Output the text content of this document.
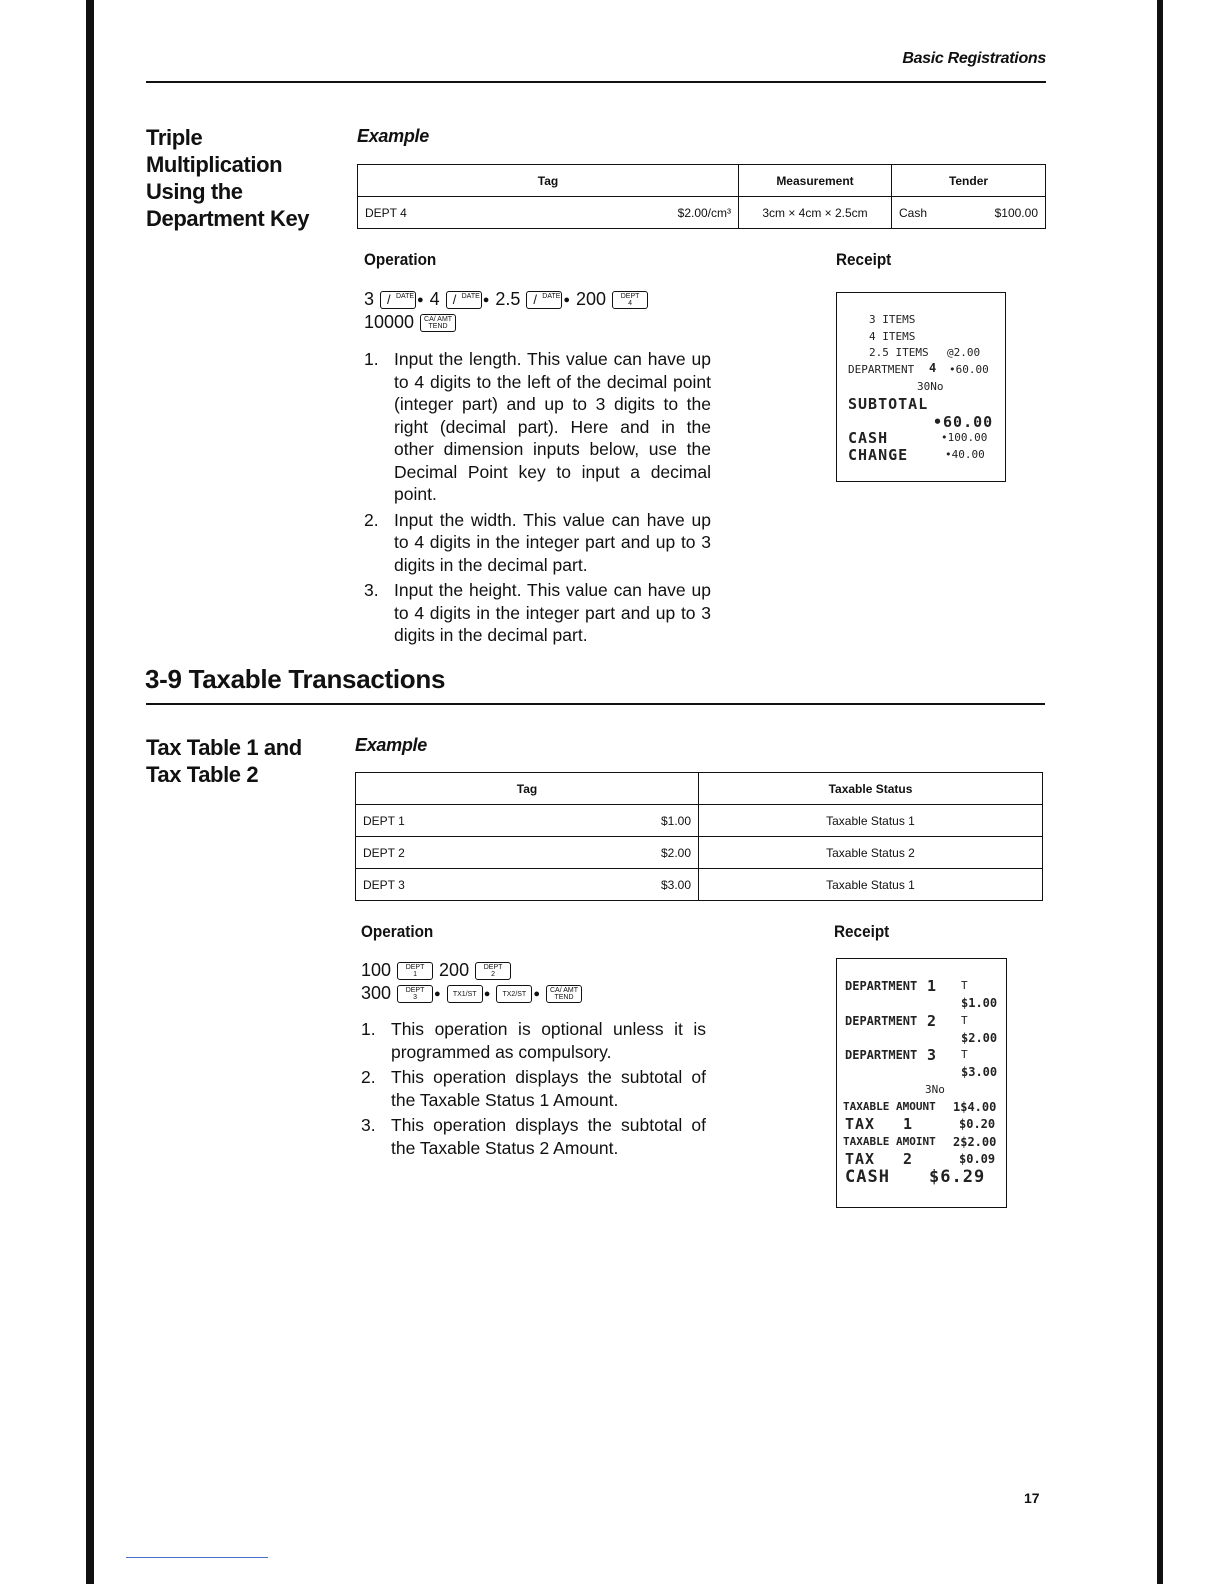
Basic Registrations
Triple
Multiplication
Using the
Department Key
Example
Tag	Measurement	Tender

DEPT 4 $2.00/cm³	3cm × 4cm × 2.5cm	Cash $100.00
Operation	Receipt
3	/ DATE ● 4	/ DATE ● 2.5	/ DATE ● 200	DEPT
4
10000	CA/ AMT
TEND
1. Input the length. This value can have up to 4 digits to the left of the decimal point (integer part) and up to 3 digits to the right (decimal part). Here and in the other dimension inputs below, use the Decimal Point key to input a decimal point.
2. Input the width. This value can have up to 4 digits in the integer part and up to 3 digits in the decimal part.
3. Input the height. This value can have up to 4 digits in the integer part and up to 3 digits in the decimal part.
3 ITEMS
4 ITEMS
2.5 ITEMS @2.00
DEPARTMENT 4 •60.00
30No
SUBTOTAL
•60.00
CASH	•100.00
CHANGE	•40.00
3-9 Taxable Transactions
Tax Table 1 and
Tax Table 2
Example
Tag	Taxable Status

DEPT 1 $1.00	Taxable Status 1

DEPT 2 $2.00	Taxable Status 2

DEPT 3 $3.00	Taxable Status 1
Operation	Receipt
100	DEPT
1	200	DEPT
2
300	DEPT
3	●	TX1/ST ●	TX2/ST ●	CA/ AMT
TEND
1. This operation is optional unless it is programmed as compulsory.
2. This operation displays the subtotal of the Taxable Status 1 Amount.
3. This operation displays the subtotal of the Taxable Status 2 Amount.
DEPARTMENT 1 T
$1.00
DEPARTMENT 2 T
$2.00
DEPARTMENT 3 T
$3.00
3No
TAXABLE AMOUNT 1$4.00
TAX 1	$0.20
TAXABLE AMOINT 2$2.00
TAX 2	$0.09
CASH $6.29
17
